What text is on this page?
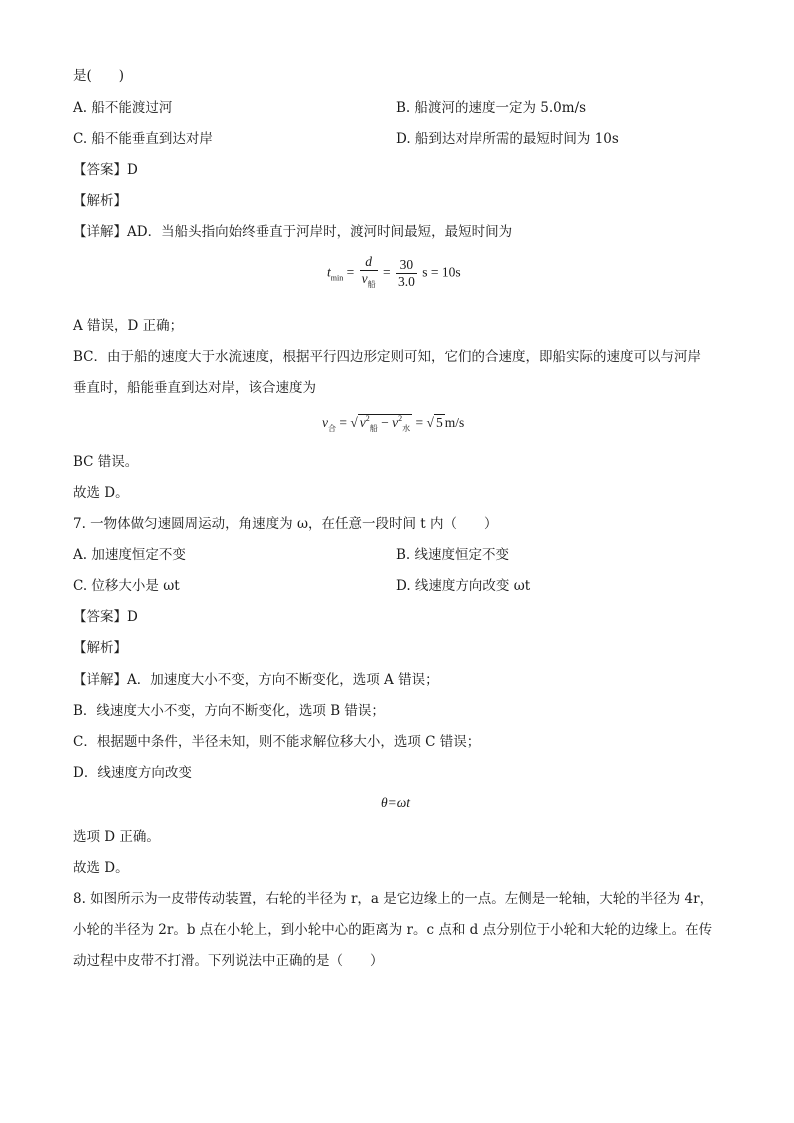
是(　　)
A. 船不能渡过河	B. 船渡河的速度一定为 5.0m/s
C. 船不能垂直到达对岸	D. 船到达对岸所需的最短时间为 10s
【答案】D
【解析】
【详解】AD．当船头指向始终垂直于河岸时，渡河时间最短，最短时间为
$t_{min} = \frac{d}{v_船} = \frac{30}{3.0}$ s = 10s
A 错误，D 正确；
BC．由于船的速度大于水流速度，根据平行四边形定则可知，它们的合速度，即船实际的速度可以与河岸
垂直时，船能垂直到达对岸，该合速度为
$v_合$ = √ $v^2_船 - v^2_水$ = √ 5 m/s
BC 错误。
故选 D。
7. 一物体做匀速圆周运动，角速度为 ω，在任意一段时间 t 内（　　）
A. 加速度恒定不变	B. 线速度恒定不变
C. 位移大小是 ωt	D. 线速度方向改变 ωt
【答案】D
【解析】
【详解】A．加速度大小不变，方向不断变化，选项 A 错误；
B．线速度大小不变，方向不断变化，选项 B 错误；
C．根据题中条件，半径未知，则不能求解位移大小，选项 C 错误；
D．线速度方向改变
θ=ωt
选项 D 正确。
故选 D。
8. 如图所示为一皮带传动装置，右轮的半径为 r，a 是它边缘上的一点。左侧是一轮轴，大轮的半径为 4r，
小轮的半径为 2r。b 点在小轮上，到小轮中心的距离为 r。c 点和 d 点分别位于小轮和大轮的边缘上。在传
动过程中皮带不打滑。下列说法中正确的是（　　）
